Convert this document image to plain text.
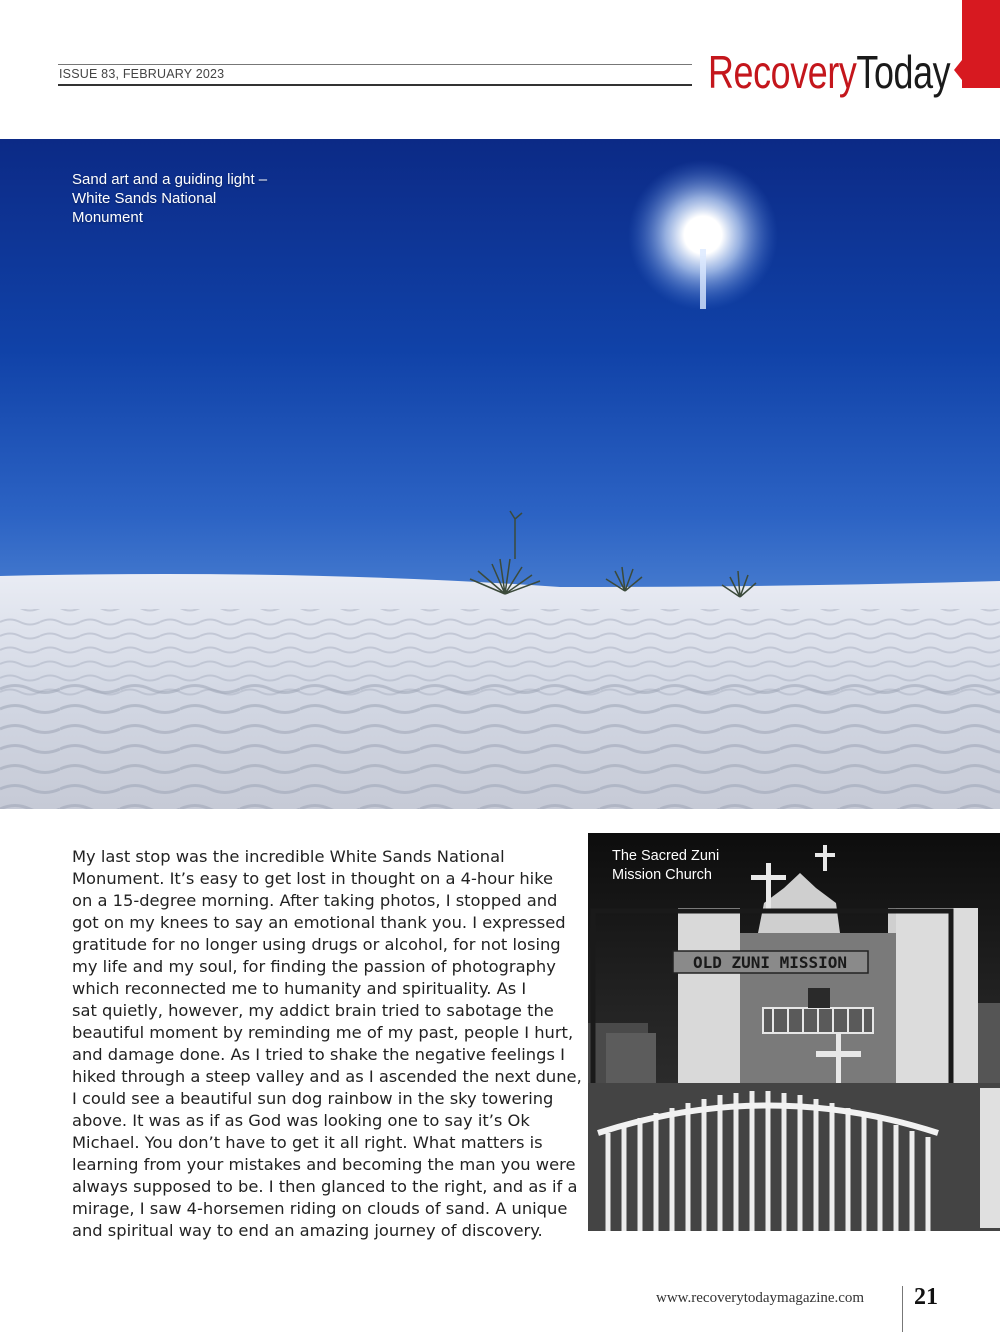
ISSUE 83, FEBRUARY 2023	Recovery Today
Sand art and a guiding light – White Sands National Monument
My last stop was the incredible White Sands National
Monument. It’s easy to get lost in thought on a 4-hour hike
on a 15-degree morning. After taking photos, I stopped and
got on my knees to say an emotional thank you. I expressed
gratitude for no longer using drugs or alcohol, for not losing
my life and my soul, for finding the passion of photography
which reconnected me to humanity and spirituality. As I
sat quietly, however, my addict brain tried to sabotage the
beautiful moment by reminding me of my past, people I hurt,
and damage done. As I tried to shake the negative feelings I
hiked through a steep valley and as I ascended the next dune,
I could see a beautiful sun dog rainbow in the sky towering
above. It was as if as God was looking one to say it’s Ok
Michael. You don’t have to get it all right. What matters is
learning from your mistakes and becoming the man you were
always supposed to be. I then glanced to the right, and as if a
mirage, I saw 4-horsemen riding on clouds of sand. A unique
and spiritual way to end an amazing journey of discovery.
OLD ZUNI MISSION
The Sacred Zuni Mission Church
www.recoverytodaymagazine.com 21
